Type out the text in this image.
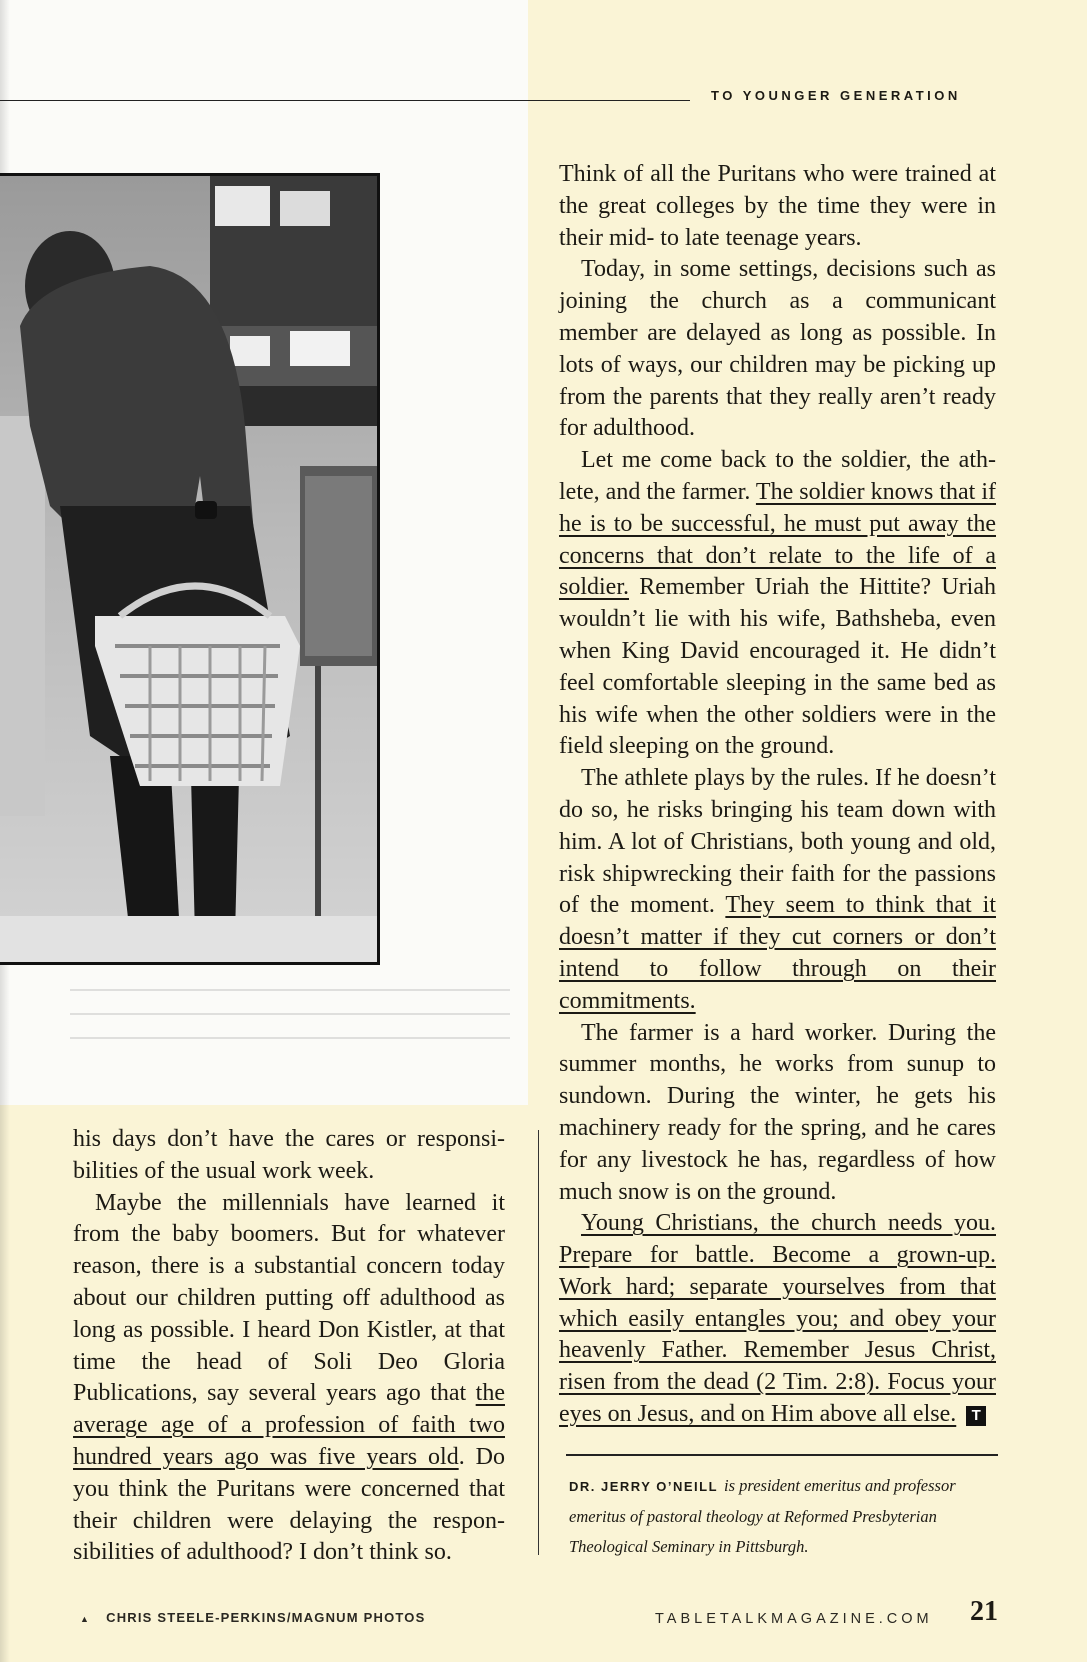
TO YOUNGER GENERATION

his days don’t have the cares or responsibilities of the usual work week.

Maybe the millennials have learned it from the baby boomers. But for whatever reason, there is a substantial concern today about our children putting off adulthood as long as possible. I heard Don Kistler, at that time the head of Soli Deo Gloria Publications, say several years ago that the average age of a profession of faith two hundred years ago was five years old. Do you think the Puritans were concerned that their children were delaying the responsibilities of adulthood? I don’t think so.

Think of all the Puritans who were trained at the great colleges by the time they were in their mid- to late teenage years.

Today, in some settings, decisions such as joining the church as a communicant member are delayed as long as possible. In lots of ways, our children may be picking up from the parents that they really aren’t ready for adulthood.

Let me come back to the soldier, the athlete, and the farmer. The soldier knows that if he is to be successful, he must put away the concerns that don’t relate to the life of a soldier. Remember Uriah the Hittite? Uriah wouldn’t lie with his wife, Bathsheba, even when King David encouraged it. He didn’t feel comfortable sleeping in the same bed as his wife when the other soldiers were in the field sleeping on the ground.

The athlete plays by the rules. If he doesn’t do so, he risks bringing his team down with him. A lot of Christians, both young and old, risk shipwrecking their faith for the passions of the moment. They seem to think that it doesn’t matter if they cut corners or don’t intend to follow through on their commitments.

The farmer is a hard worker. During the summer months, he works from sunup to sundown. During the winter, he gets his machinery ready for the spring, and he cares for any livestock he has, regardless of how much snow is on the ground.

Young Christians, the church needs you. Prepare for battle. Become a grown-up. Work hard; separate yourselves from that which easily entangles you; and obey your heavenly Father. Remember Jesus Christ, risen from the dead (2 Tim. 2:8). Focus your eyes on Jesus, and on Him above all else. T

DR. JERRY O’NEILL is president emeritus and professor emeritus of pastoral theology at Reformed Presbyterian Theological Seminary in Pittsburgh.
▲ CHRIS STEELE-PERKINS/MAGNUM PHOTOS	TABLETALKMAGAZINE.COM 21
